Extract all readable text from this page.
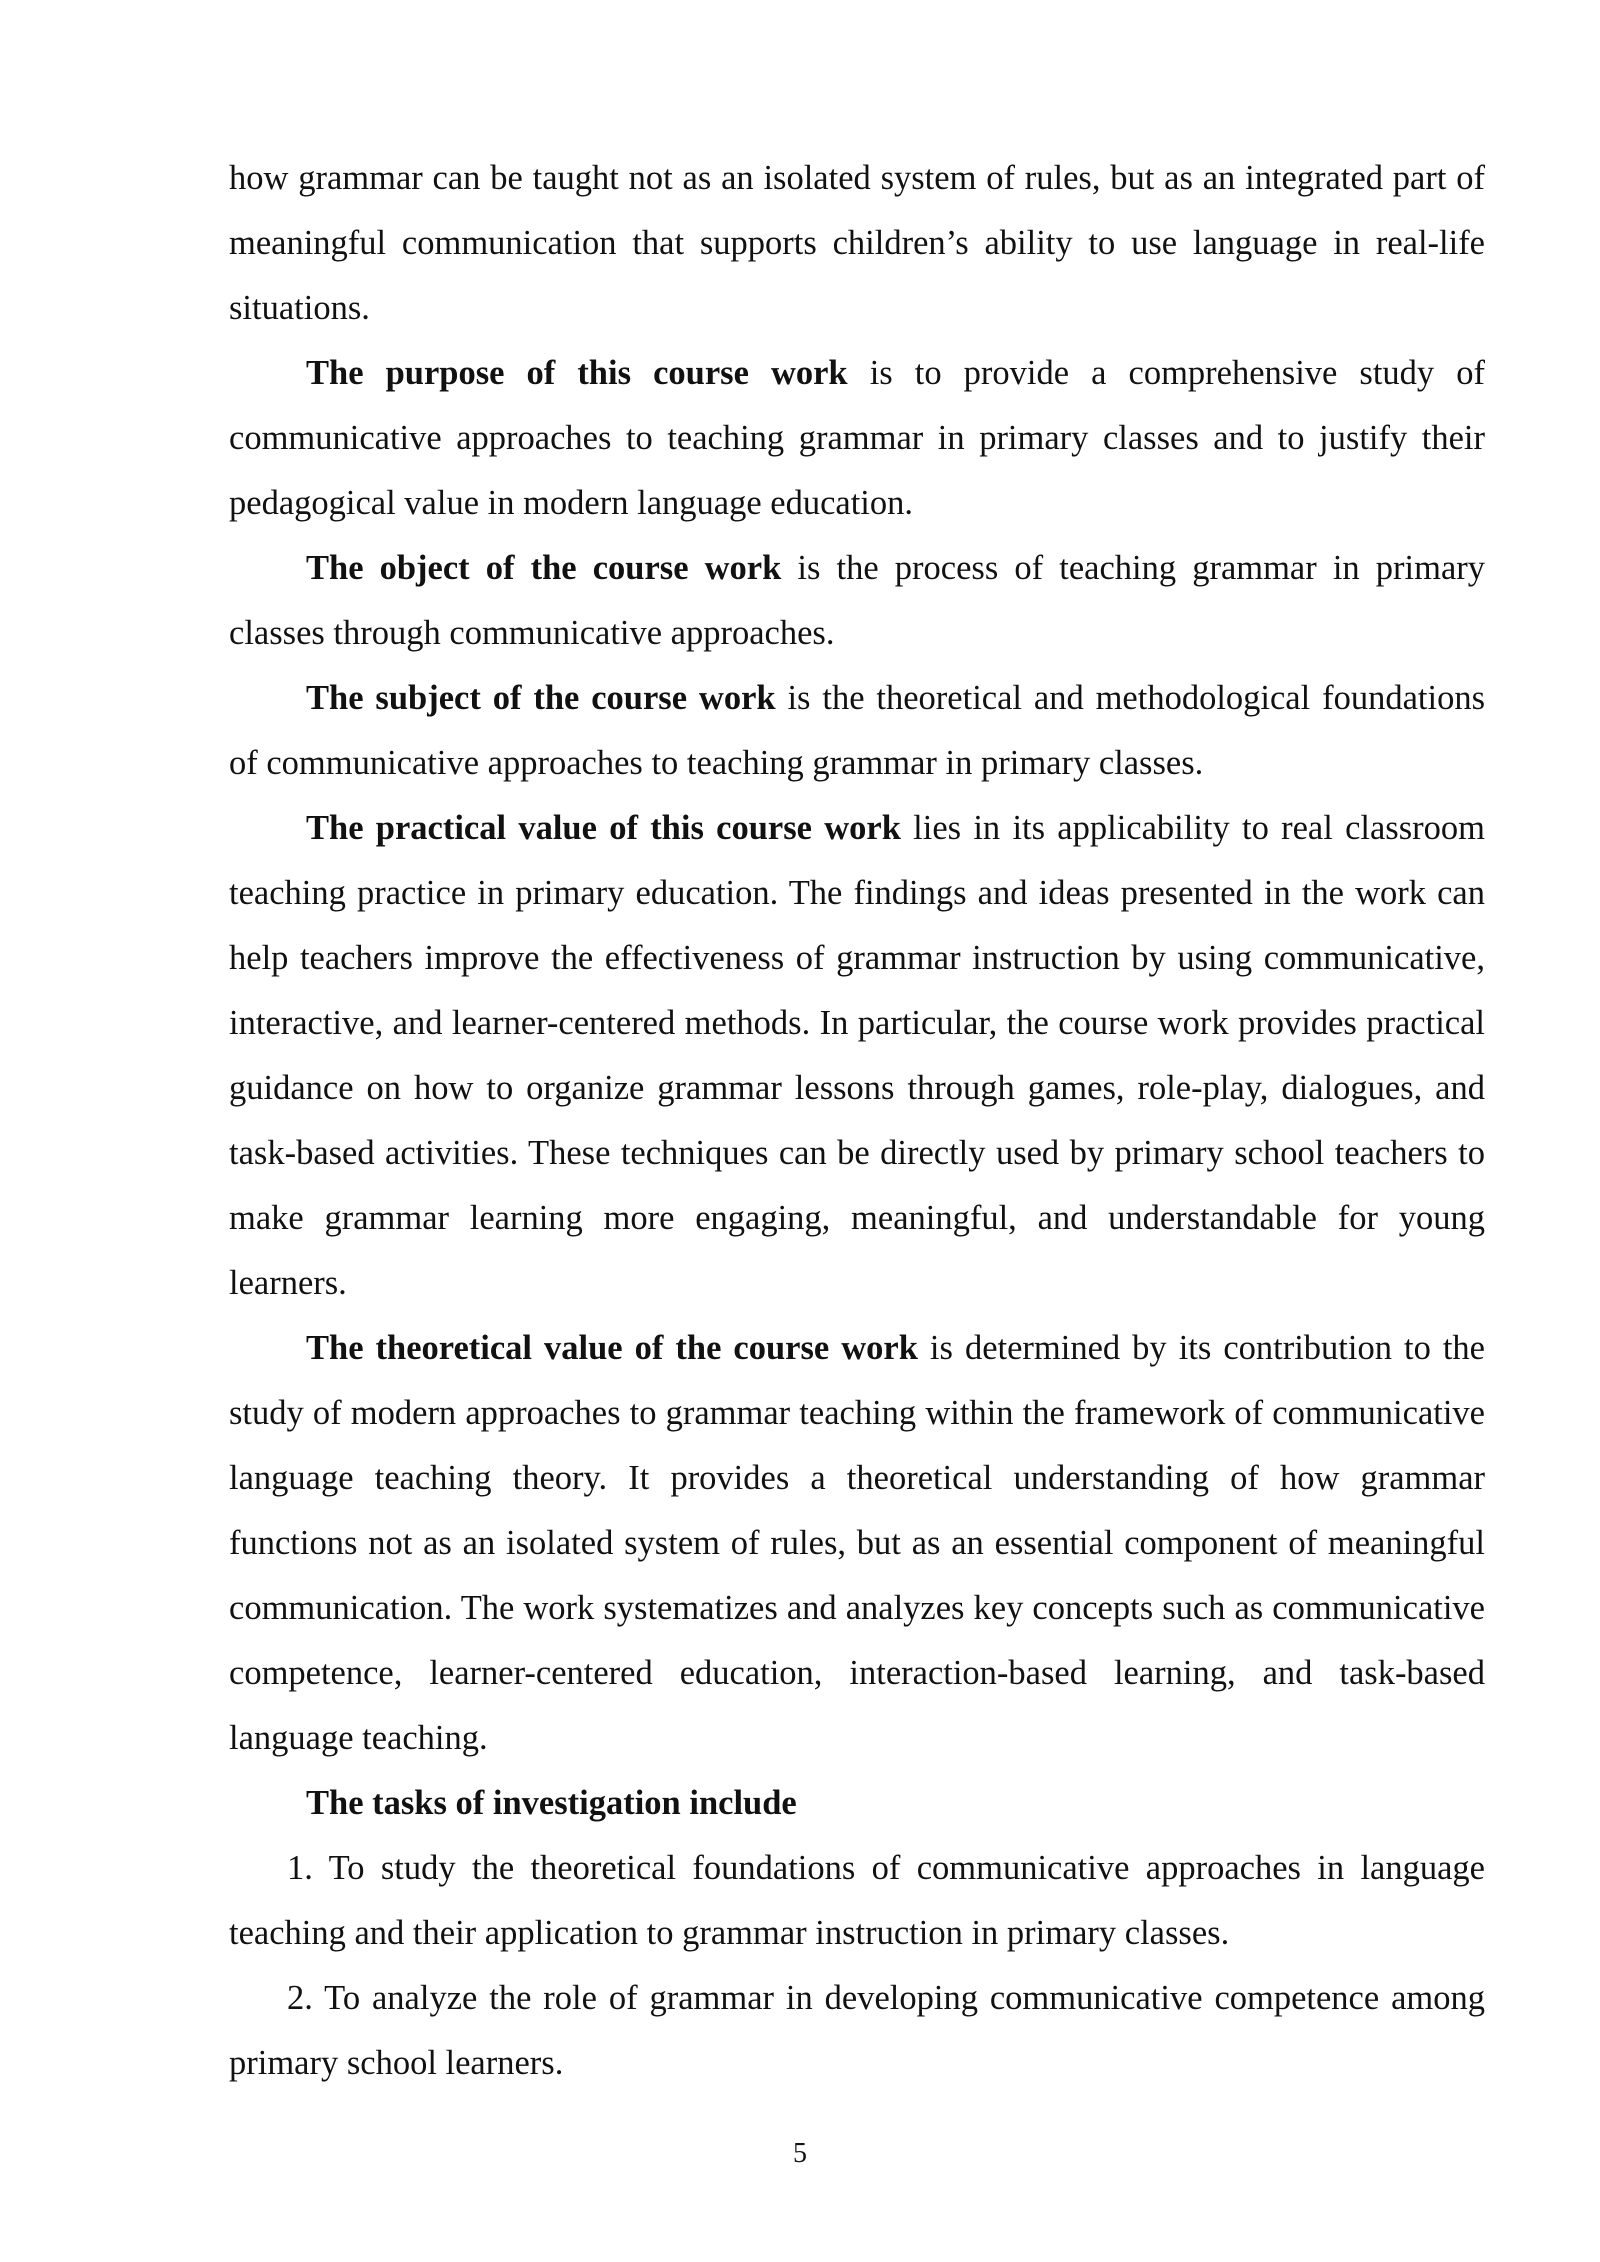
how grammar can be taught not as an isolated system of rules, but as an integrated part of meaningful communication that supports children’s ability to use language in real-life situations.

The purpose of this course work is to provide a comprehensive study of communicative approaches to teaching grammar in primary classes and to justify their pedagogical value in modern language education.

The object of the course work is the process of teaching grammar in primary classes through communicative approaches.

The subject of the course work is the theoretical and methodological foundations of communicative approaches to teaching grammar in primary classes.

The practical value of this course work lies in its applicability to real classroom teaching practice in primary education. The findings and ideas presented in the work can help teachers improve the effectiveness of grammar instruction by using communicative, interactive, and learner-centered methods. In particular, the course work provides practical guidance on how to organize grammar lessons through games, role-play, dialogues, and task-based activities. These techniques can be directly used by primary school teachers to make grammar learning more engaging, meaningful, and understandable for young learners.

The theoretical value of the course work is determined by its contribution to the study of modern approaches to grammar teaching within the framework of communicative language teaching theory. It provides a theoretical understanding of how grammar functions not as an isolated system of rules, but as an essential component of meaningful communication. The work systematizes and analyzes key concepts such as communicative competence, learner-centered education, interaction-based learning, and task-based language teaching.

The tasks of investigation include

1. To study the theoretical foundations of communicative approaches in language teaching and their application to grammar instruction in primary classes.

2. To analyze the role of grammar in developing communicative competence among primary school learners.

5
